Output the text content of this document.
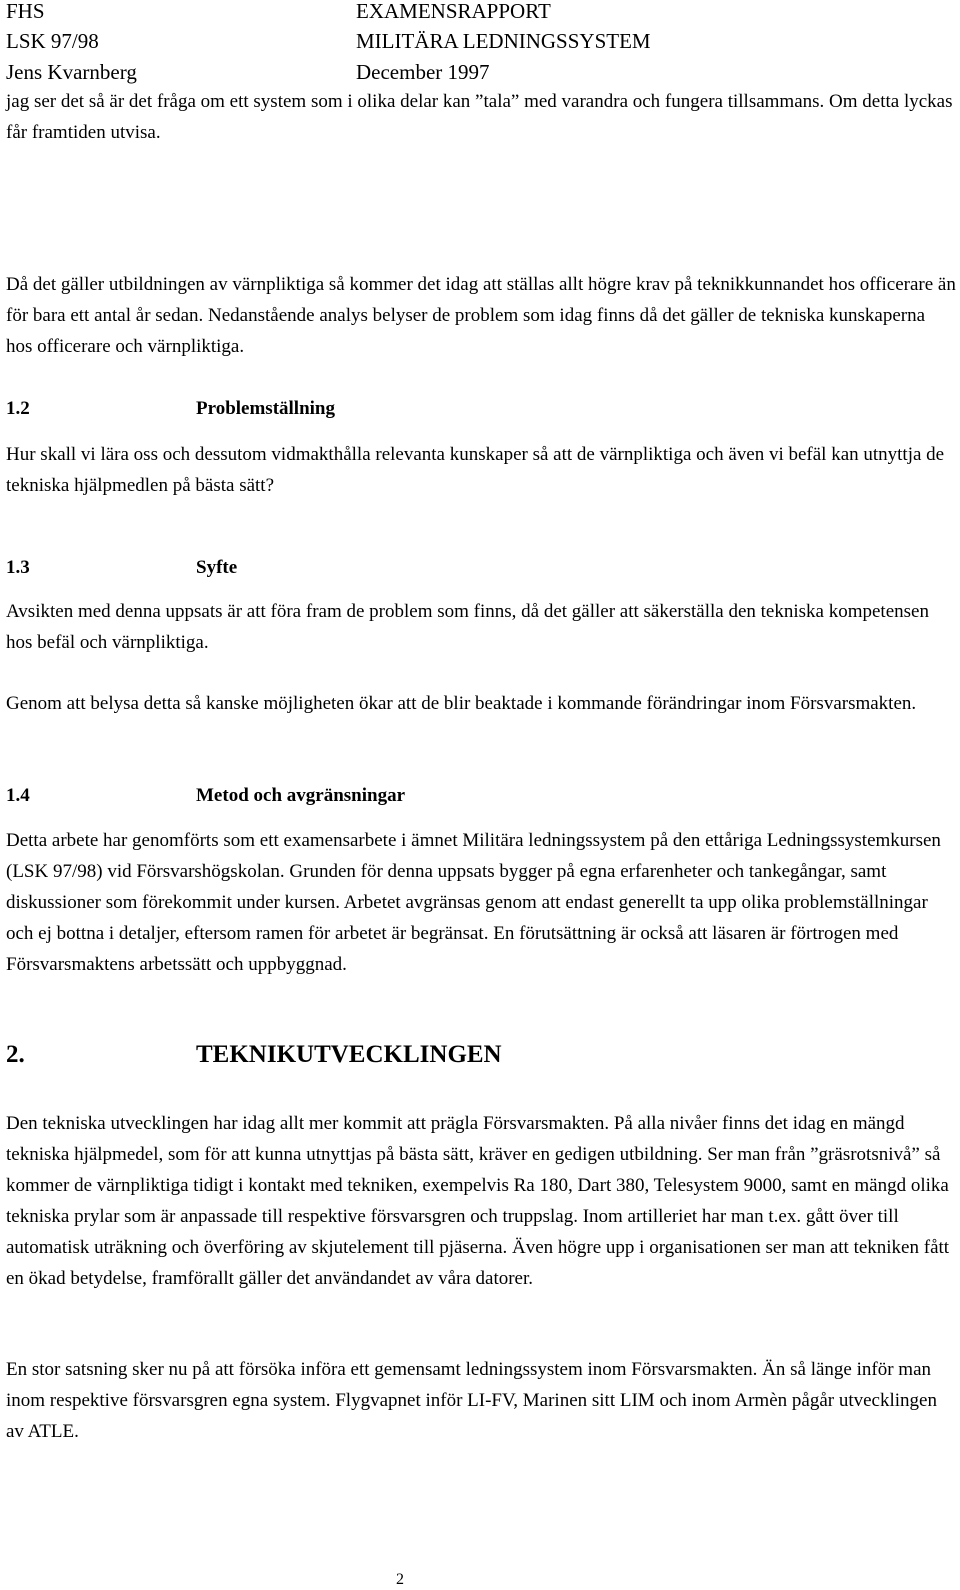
FHS
LSK 97/98
Jens Kvarnberg
EXAMENSRAPPORT
MILITÄRA LEDNINGSSYSTEM
December 1997

jag ser det så är det fråga om ett system som i olika delar kan ”tala” med varandra och fungera tillsammans. Om detta lyckas får framtiden utvisa.

Då det gäller utbildningen av värnpliktiga så kommer det idag att ställas allt högre krav på teknikkunnandet hos officerare än för bara ett antal år sedan. Nedanstående analys belyser de problem som idag finns då det gäller de tekniska kunskaperna hos officerare och värnpliktiga.

1.2	Problemställning

Hur skall vi lära oss och dessutom vidmakthålla relevanta kunskaper så att de värnpliktiga och även vi befäl kan utnyttja de tekniska hjälpmedlen på bästa sätt?

1.3	Syfte

Avsikten med denna uppsats är att föra fram de problem som finns, då det gäller att säkerställa den tekniska kompetensen hos befäl och värnpliktiga.

Genom att belysa detta så kanske möjligheten ökar att de blir beaktade i kommande förändringar inom Försvarsmakten.

1.4	Metod och avgränsningar

Detta arbete har genomförts som ett examensarbete i ämnet Militära ledningssystem på den ettåriga Ledningssystemkursen (LSK 97/98) vid Försvarshögskolan. Grunden för denna uppsats bygger på egna erfarenheter och tankegångar, samt diskussioner som förekommit under kursen. Arbetet avgränsas genom att endast generellt ta upp olika problemställningar och ej bottna i detaljer, eftersom ramen för arbetet är begränsat. En förutsättning är också att läsaren är förtrogen med Försvarsmaktens arbetssätt och uppbyggnad.

2.	TEKNIKUTVECKLINGEN

Den tekniska utvecklingen har idag allt mer kommit att prägla Försvarsmakten. På alla nivåer finns det idag en mängd tekniska hjälpmedel, som för att kunna utnyttjas på bästa sätt, kräver en gedigen utbildning. Ser man från ”gräsrotsnivå” så kommer de värnpliktiga tidigt i kontakt med tekniken, exempelvis Ra 180, Dart 380, Telesystem 9000, samt en mängd olika tekniska prylar som är anpassade till respektive försvarsgren och truppslag. Inom artilleriet har man t.ex. gått över till automatisk uträkning och överföring av skjutelement till pjäserna. Även högre upp i organisationen ser man att tekniken fått en ökad betydelse, framförallt gäller det användandet av våra datorer.

En stor satsning sker nu på att försöka införa ett gemensamt ledningssystem inom Försvarsmakten. Än så länge inför man inom respektive försvarsgren egna system. Flygvapnet inför LI-FV, Marinen sitt LIM och inom Armèn pågår utvecklingen av ATLE.

2
